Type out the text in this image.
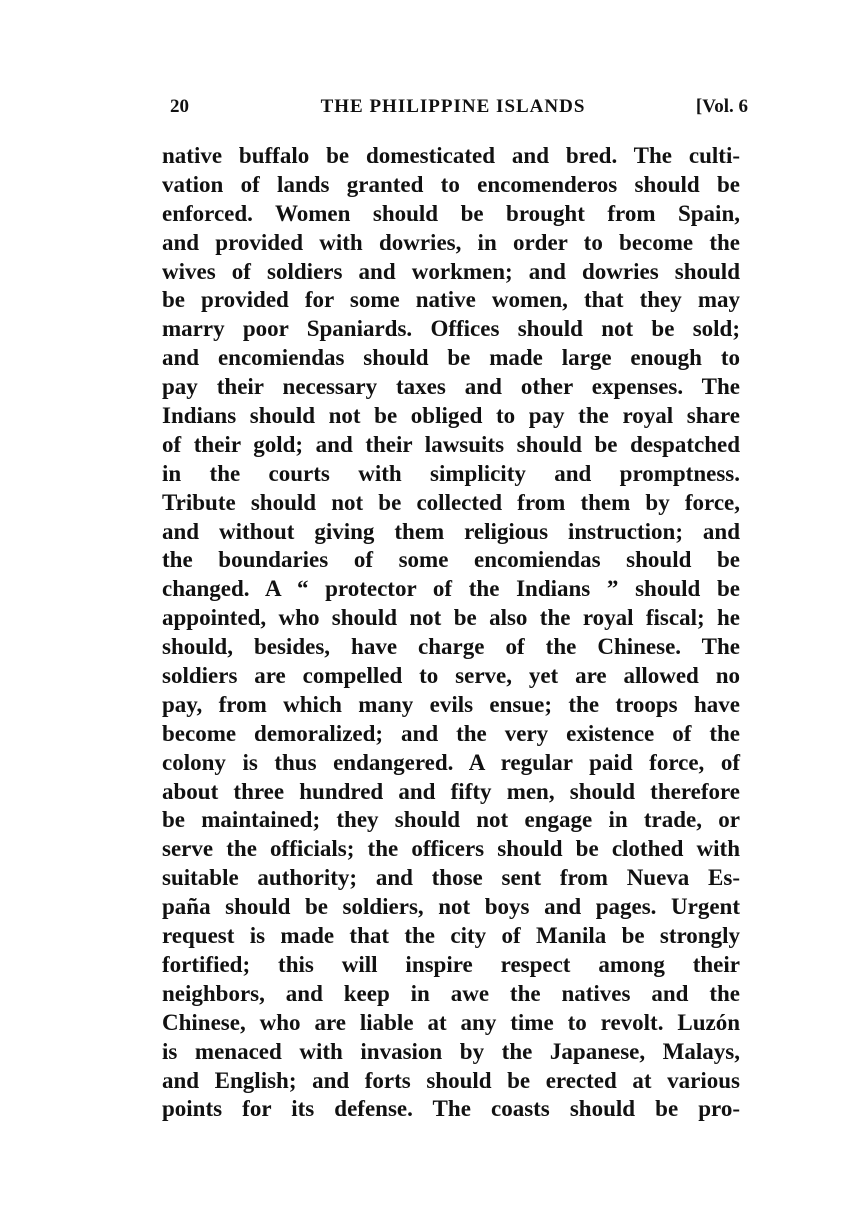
20	THE PHILIPPINE ISLANDS	[Vol. 6
native buffalo be domesticated and bred. The culti-
vation of lands granted to encomenderos should be
enforced. Women should be brought from Spain,
and provided with dowries, in order to become the
wives of soldiers and workmen; and dowries should
be provided for some native women, that they may
marry poor Spaniards. Offices should not be sold;
and encomiendas should be made large enough to
pay their necessary taxes and other expenses. The
Indians should not be obliged to pay the royal share
of their gold; and their lawsuits should be despatched
in the courts with simplicity and promptness.
Tribute should not be collected from them by force,
and without giving them religious instruction; and
the boundaries of some encomiendas should be
changed. A “ protector of the Indians ” should be
appointed, who should not be also the royal fiscal; he
should, besides, have charge of the Chinese. The
soldiers are compelled to serve, yet are allowed no
pay, from which many evils ensue; the troops have
become demoralized; and the very existence of the
colony is thus endangered. A regular paid force, of
about three hundred and fifty men, should therefore
be maintained; they should not engage in trade, or
serve the officials; the officers should be clothed with
suitable authority; and those sent from Nueva Es-
paña should be soldiers, not boys and pages. Urgent
request is made that the city of Manila be strongly
fortified; this will inspire respect among their
neighbors, and keep in awe the natives and the
Chinese, who are liable at any time to revolt. Luzón
is menaced with invasion by the Japanese, Malays,
and English; and forts should be erected at various
points for its defense. The coasts should be pro-
